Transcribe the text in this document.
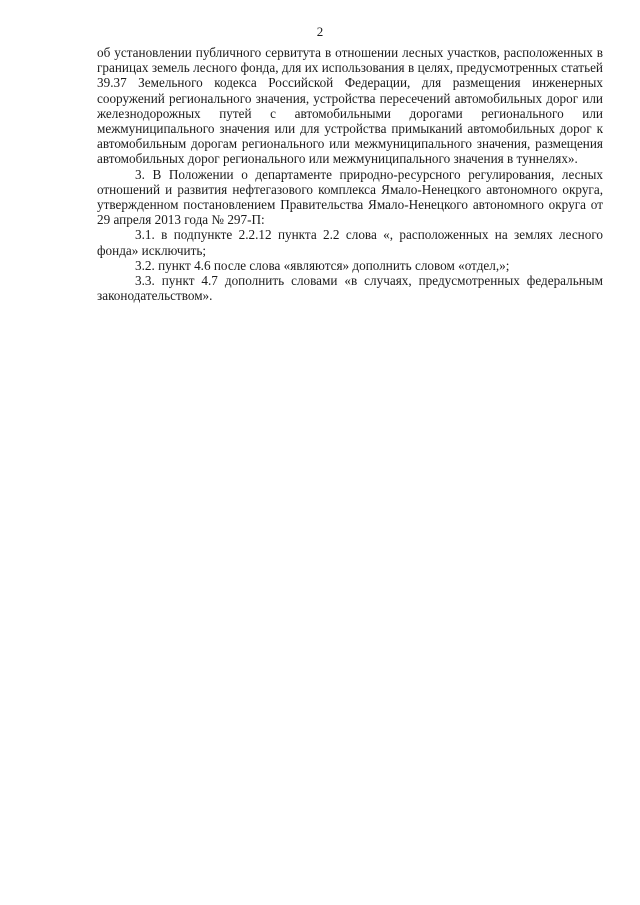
2

об установлении публичного сервитута в отношении лесных участков, расположенных в границах земель лесного фонда, для их использования в целях, предусмотренных статьей 39.37 Земельного кодекса Российской Федерации, для размещения инженерных сооружений регионального значения, устройства пересечений автомобильных дорог или железнодорожных путей с автомобильными дорогами регионального или межмуниципального значения или для устройства примыканий автомобильных дорог к автомобильным дорогам регионального или межмуниципального значения, размещения автомобильных дорог регионального или межмуниципального значения в туннелях».

3. В Положении о департаменте природно-ресурсного регулирования, лесных отношений и развития нефтегазового комплекса Ямало-Ненецкого автономного округа, утвержденном постановлением Правительства Ямало-Ненецкого автономного округа от 29 апреля 2013 года № 297-П:

3.1. в подпункте 2.2.12 пункта 2.2 слова «, расположенных на землях лесного фонда» исключить;

3.2. пункт 4.6 после слова «являются» дополнить словом «отдел,»;

3.3. пункт 4.7 дополнить словами «в случаях, предусмотренных федеральным законодательством».
